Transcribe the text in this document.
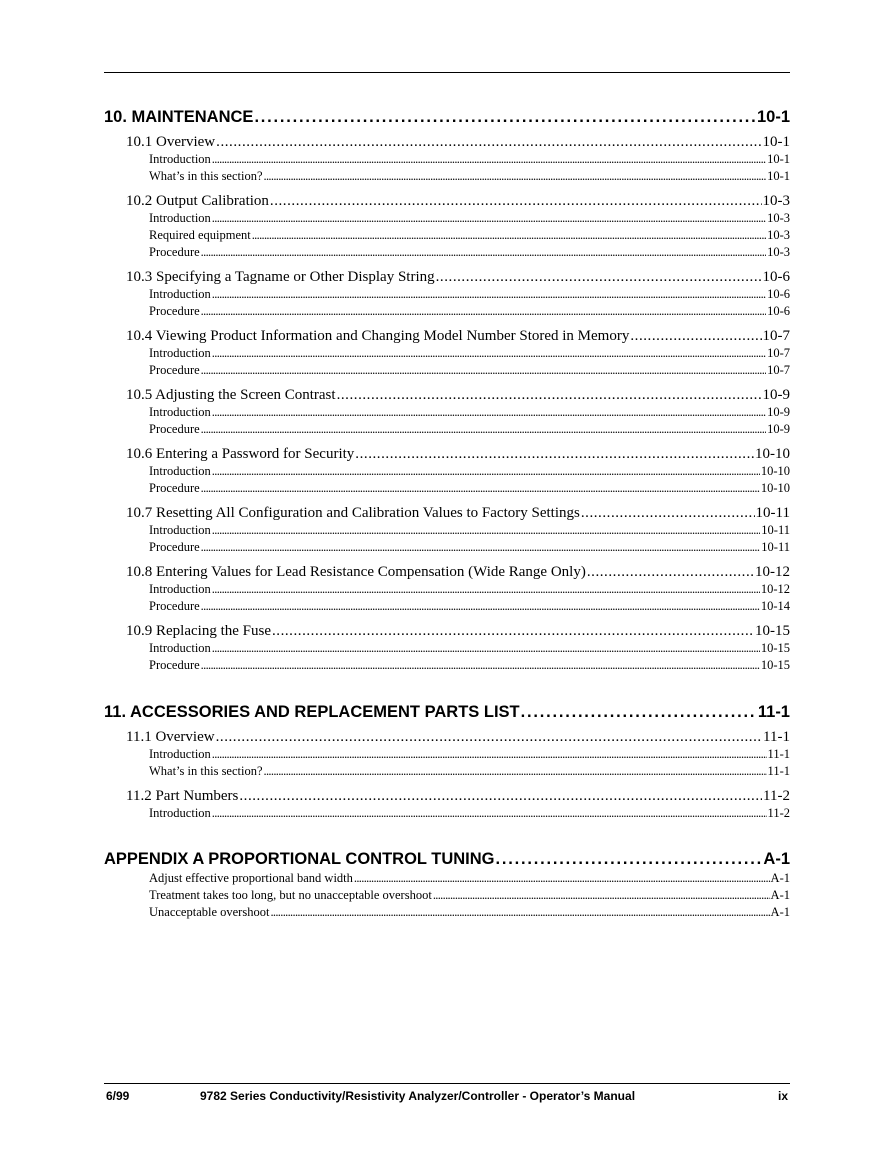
10. MAINTENANCE . . .	10-1
10.1 Overview . . .	10-1
Introduction . . .	10-1
What’s in this section? . . .	10-1
10.2 Output Calibration . . .	10-3
Introduction . . .	10-3
Required equipment . . .	10-3
Procedure . . .	10-3
10.3 Specifying a Tagname or Other Display String . . .	10-6
Introduction . . .	10-6
Procedure . . .	10-6
10.4 Viewing Product Information and Changing Model Number Stored in Memory . . .	10-7
Introduction . . .	10-7
Procedure . . .	10-7
10.5 Adjusting the Screen Contrast . . .	10-9
Introduction . . .	10-9
Procedure . . .	10-9
10.6 Entering a Password for Security . . .	10-10
Introduction . . .	10-10
Procedure . . .	10-10
10.7 Resetting All Configuration and Calibration Values to Factory Settings . . .	10-11
Introduction . . .	10-11
Procedure . . .	10-11
10.8 Entering Values for Lead Resistance Compensation (Wide Range Only) . . .	10-12
Introduction . . .	10-12
Procedure . . .	10-14
10.9 Replacing the Fuse . . .	10-15
Introduction . . .	10-15
Procedure . . .	10-15
11. ACCESSORIES AND REPLACEMENT PARTS LIST . . .	11-1
11.1 Overview . . .	11-1
Introduction . . .	11-1
What’s in this section? . . .	11-1
11.2 Part Numbers . . .	11-2
Introduction . . .	11-2
APPENDIX A PROPORTIONAL CONTROL TUNING . . .	A-1
Adjust effective proportional band width . . .	A-1
Treatment takes too long, but no unacceptable overshoot . . .	A-1
Unacceptable overshoot . . .	A-1
6/99	9782 Series Conductivity/Resistivity Analyzer/Controller - Operator’s Manual	ix
